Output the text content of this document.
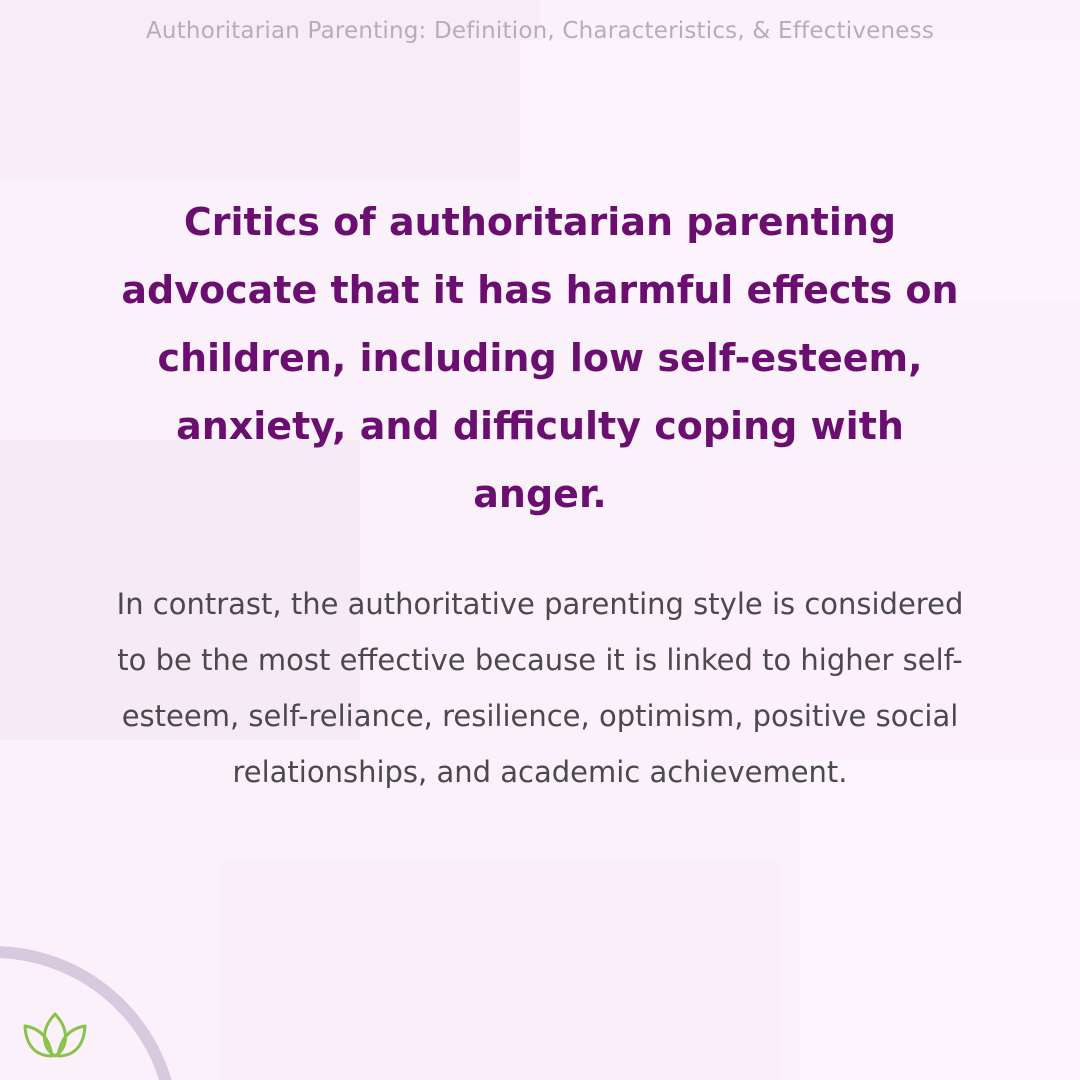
Authoritarian Parenting: Definition, Characteristics, & Effectiveness

Critics of authoritarian parenting advocate that it has harmful effects on children, including low self-esteem, anxiety, and difficulty coping with anger.

In contrast, the authoritative parenting style is considered to be the most effective because it is linked to higher self-esteem, self-reliance, resilience, optimism, positive social relationships, and academic achievement.
